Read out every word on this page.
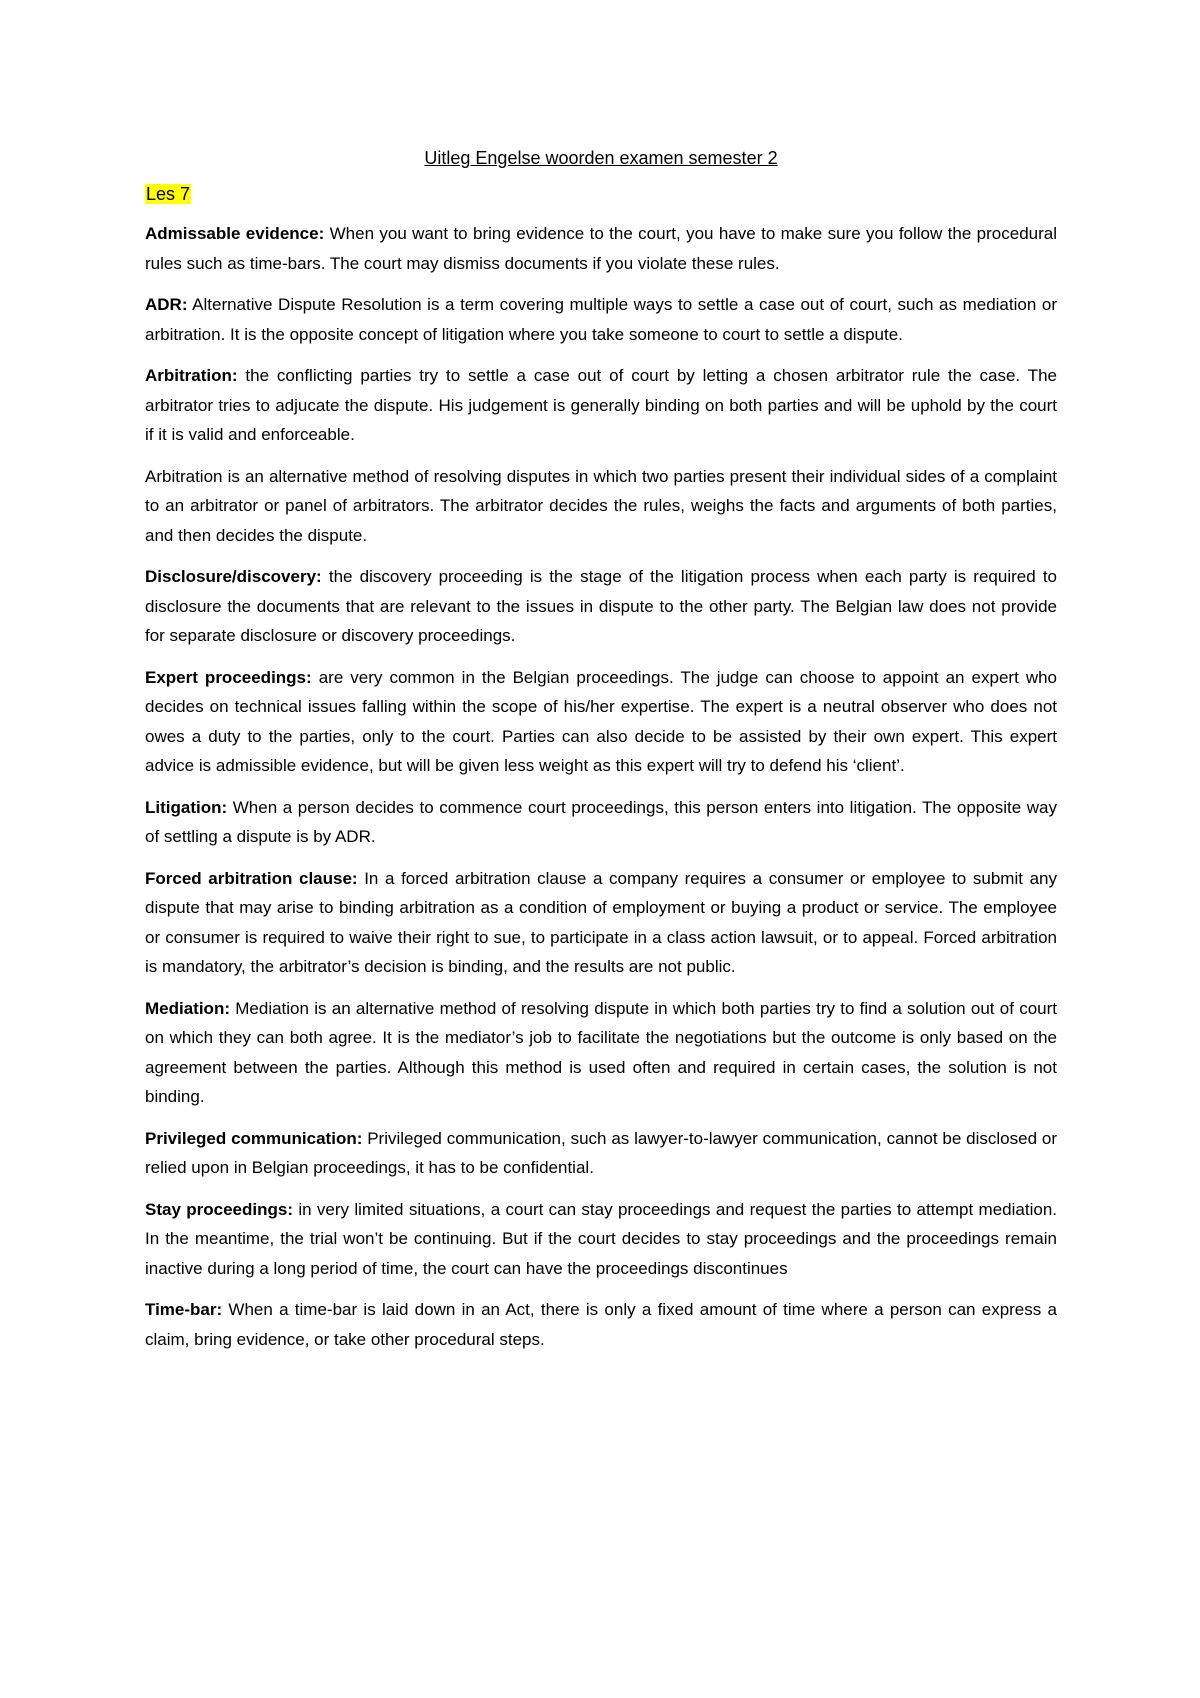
Uitleg Engelse woorden examen semester 2

Les 7

Admissable evidence: When you want to bring evidence to the court, you have to make sure you follow the procedural rules such as time-bars. The court may dismiss documents if you violate these rules.

ADR: Alternative Dispute Resolution is a term covering multiple ways to settle a case out of court, such as mediation or arbitration. It is the opposite concept of litigation where you take someone to court to settle a dispute.

Arbitration: the conflicting parties try to settle a case out of court by letting a chosen arbitrator rule the case. The arbitrator tries to adjucate the dispute. His judgement is generally binding on both parties and will be uphold by the court if it is valid and enforceable.

Arbitration is an alternative method of resolving disputes in which two parties present their individual sides of a complaint to an arbitrator or panel of arbitrators. The arbitrator decides the rules, weighs the facts and arguments of both parties, and then decides the dispute.

Disclosure/discovery: the discovery proceeding is the stage of the litigation process when each party is required to disclosure the documents that are relevant to the issues in dispute to the other party. The Belgian law does not provide for separate disclosure or discovery proceedings.

Expert proceedings: are very common in the Belgian proceedings. The judge can choose to appoint an expert who decides on technical issues falling within the scope of his/her expertise. The expert is a neutral observer who does not owes a duty to the parties, only to the court. Parties can also decide to be assisted by their own expert. This expert advice is admissible evidence, but will be given less weight as this expert will try to defend his ‘client’.

Litigation: When a person decides to commence court proceedings, this person enters into litigation. The opposite way of settling a dispute is by ADR.

Forced arbitration clause: In a forced arbitration clause a company requires a consumer or employee to submit any dispute that may arise to binding arbitration as a condition of employment or buying a product or service. The employee or consumer is required to waive their right to sue, to participate in a class action lawsuit, or to appeal. Forced arbitration is mandatory, the arbitrator’s decision is binding, and the results are not public.

Mediation: Mediation is an alternative method of resolving dispute in which both parties try to find a solution out of court on which they can both agree. It is the mediator’s job to facilitate the negotiations but the outcome is only based on the agreement between the parties. Although this method is used often and required in certain cases, the solution is not binding.

Privileged communication: Privileged communication, such as lawyer-to-lawyer communication, cannot be disclosed or relied upon in Belgian proceedings, it has to be confidential.

Stay proceedings: in very limited situations, a court can stay proceedings and request the parties to attempt mediation. In the meantime, the trial won’t be continuing. But if the court decides to stay proceedings and the proceedings remain inactive during a long period of time, the court can have the proceedings discontinues

Time-bar: When a time-bar is laid down in an Act, there is only a fixed amount of time where a person can express a claim, bring evidence, or take other procedural steps.
